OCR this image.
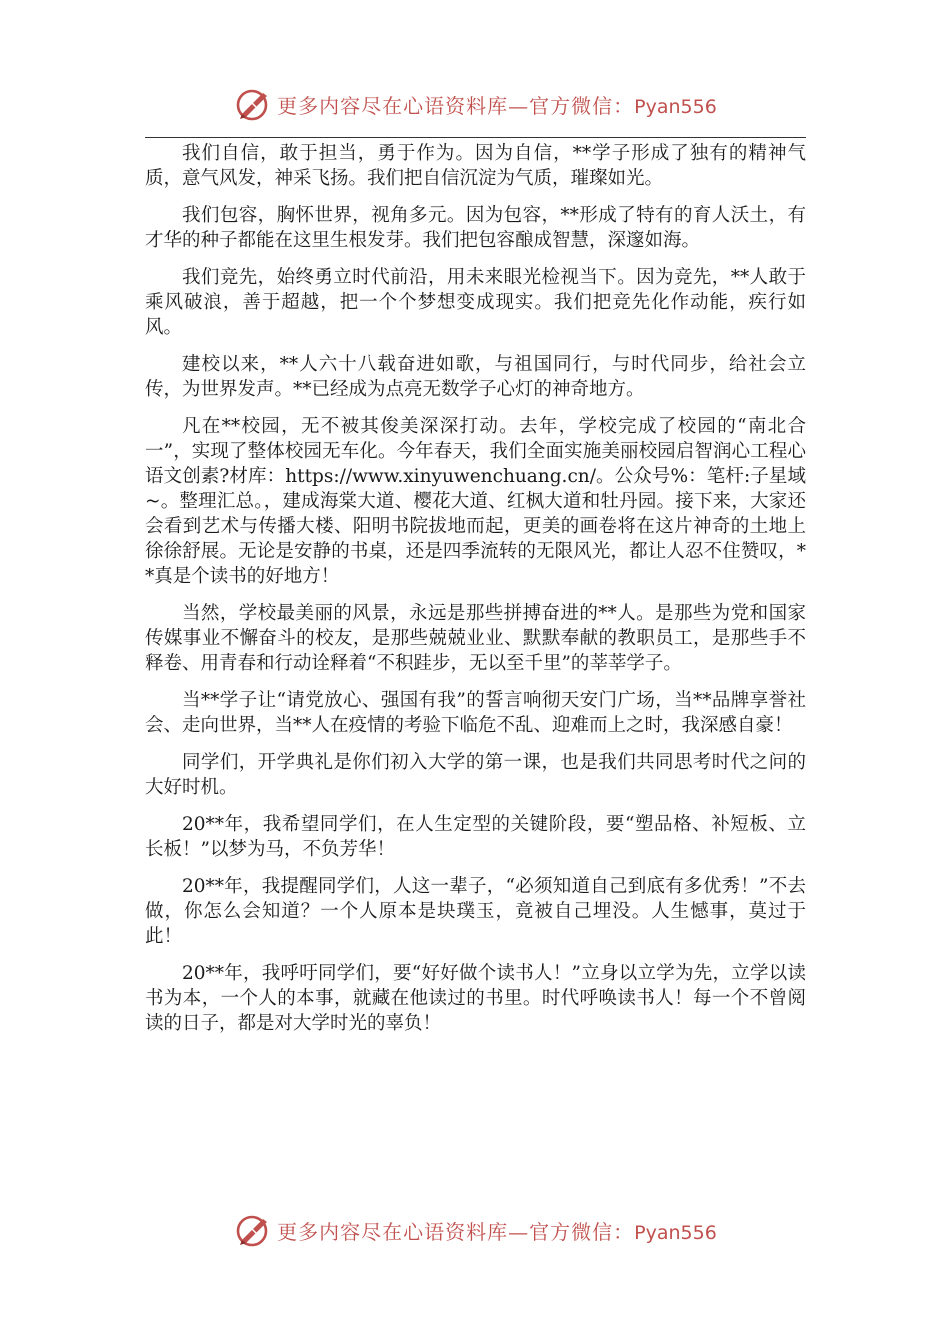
更多内容尽在心语资料库—官方微信：Pyan556

我们自信，敢于担当，勇于作为。因为自信，**学子形成了独有的精神气质，意气风发，神采飞扬。我们把自信沉淀为气质，璀璨如光。

我们包容，胸怀世界，视角多元。因为包容，**形成了特有的育人沃土，有才华的种子都能在这里生根发芽。我们把包容酿成智慧，深邃如海。

我们竞先，始终勇立时代前沿，用未来眼光检视当下。因为竞先，**人敢于乘风破浪，善于超越，把一个个梦想变成现实。我们把竞先化作动能，疾行如风。

建校以来，**人六十八载奋进如歌，与祖国同行，与时代同步，给社会立传，为世界发声。**已经成为点亮无数学子心灯的神奇地方。

凡在**校园，无不被其俊美深深打动。去年，学校完成了校园的“南北合一”，实现了整体校园无车化。今年春天，我们全面实施美丽校园启智润心工程心语文创素?材库：https://www.xinyuwenchuang.cn/。公众号%：笔杆:子星域~。整理汇总。，建成海棠大道、樱花大道、红枫大道和牡丹园。接下来，大家还会看到艺术与传播大楼、阳明书院拔地而起，更美的画卷将在这片神奇的土地上徐徐舒展。无论是安静的书桌，还是四季流转的无限风光，都让人忍不住赞叹，**真是个读书的好地方！

当然，学校最美丽的风景，永远是那些拼搏奋进的**人。是那些为党和国家传媒事业不懈奋斗的校友，是那些兢兢业业、默默奉献的教职员工，是那些手不释卷、用青春和行动诠释着“不积跬步，无以至千里”的莘莘学子。

当**学子让“请党放心、强国有我”的誓言响彻天安门广场，当**品牌享誉社会、走向世界，当**人在疫情的考验下临危不乱、迎难而上之时，我深感自豪！

同学们，开学典礼是你们初入大学的第一课，也是我们共同思考时代之问的大好时机。

20**年，我希望同学们，在人生定型的关键阶段，要“塑品格、补短板、立长板！”以梦为马，不负芳华！

20**年，我提醒同学们，人这一辈子，“必须知道自己到底有多优秀！”不去做，你怎么会知道？一个人原本是块璞玉，竟被自己埋没。人生憾事，莫过于此！

20**年，我呼吁同学们，要“好好做个读书人！”立身以立学为先，立学以读书为本，一个人的本事，就藏在他读过的书里。时代呼唤读书人！每一个不曾阅读的日子，都是对大学时光的辜负！

更多内容尽在心语资料库—官方微信：Pyan556
